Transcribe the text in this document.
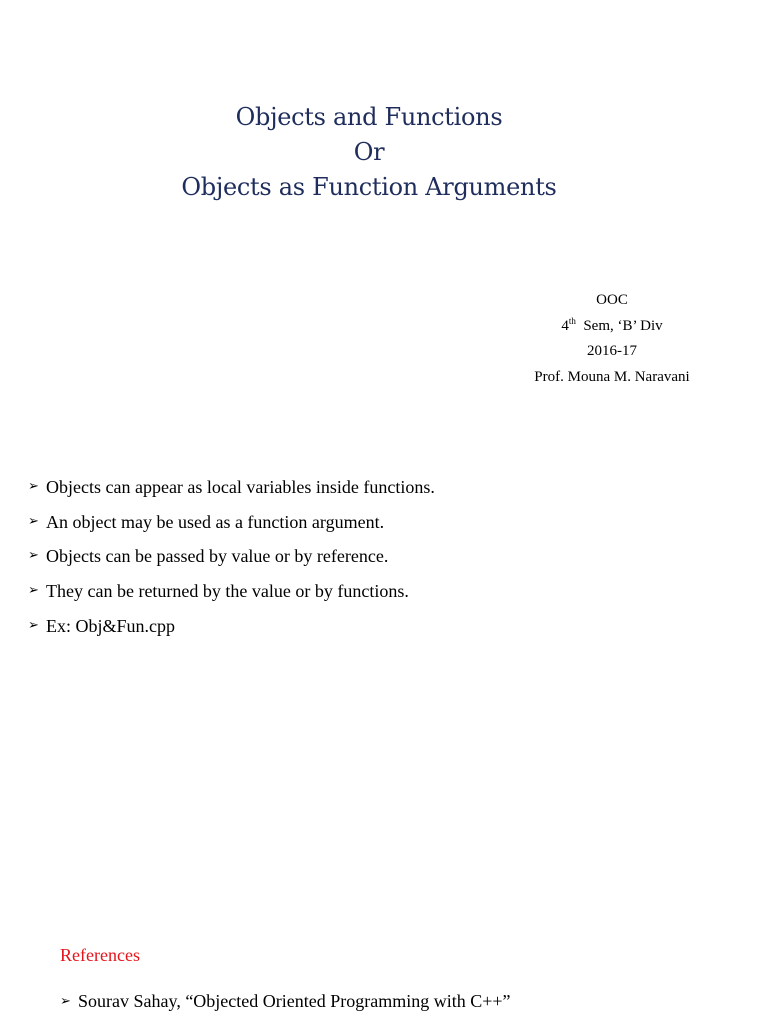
Objects and Functions
Or
Objects as Function Arguments
OOC
4th Sem, ‘B’ Div
2016-17
Prof. Mouna M. Naravani
➢ Objects can appear as local variables inside functions.
➢ An object may be used as a function argument.
➢ Objects can be passed by value or by reference.
➢ They can be returned by the value or by functions.
➢ Ex: Obj&Fun.cpp
References
➢ Sourav Sahay, “Objected Oriented Programming with C++”
